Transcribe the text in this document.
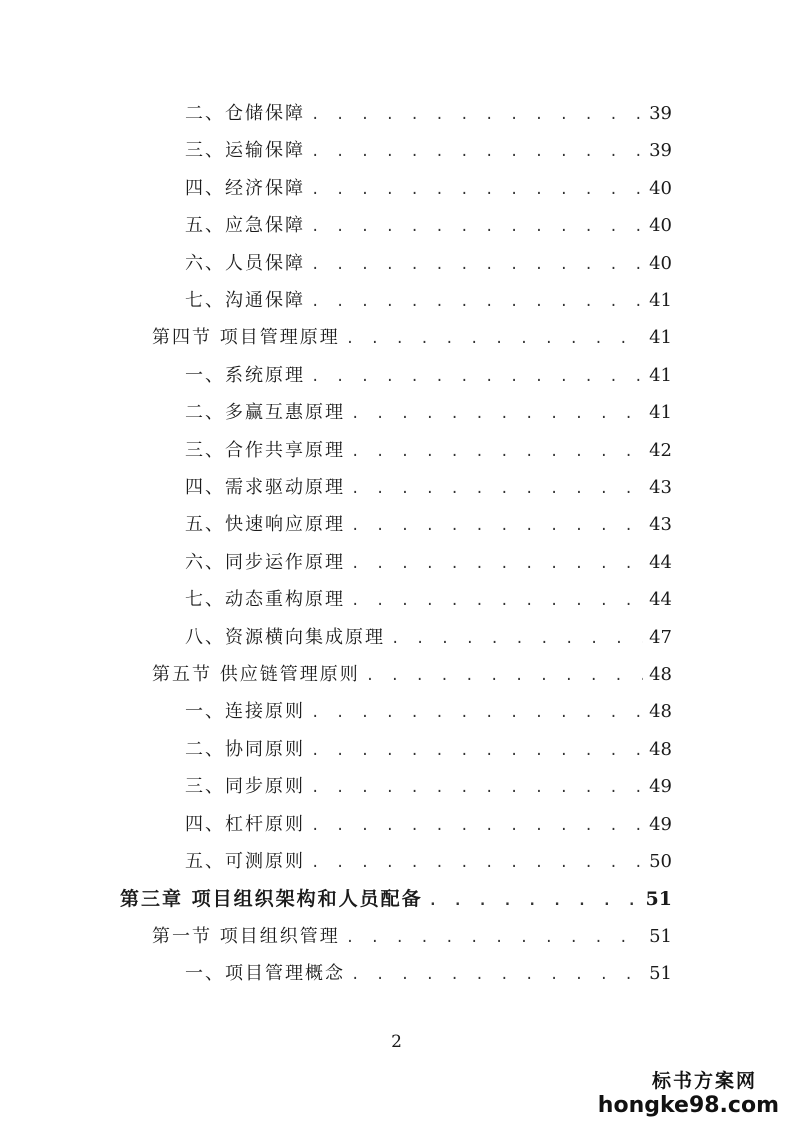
二、仓储保障 . . .	39
三、运输保障 . . .	39
四、经济保障 . . .	40
五、应急保障 . . .	40
六、人员保障 . . .	40
七、沟通保障 . . .	41
第四节 项目管理原理 . . .	41
一、系统原理 . . .	41
二、多赢互惠原理 . . .	41
三、合作共享原理 . . .	42
四、需求驱动原理 . . .	43
五、快速响应原理 . . .	43
六、同步运作原理 . . .	44
七、动态重构原理 . . .	44
八、资源横向集成原理 . . .	47
第五节 供应链管理原则 . . .	48
一、连接原则 . . .	48
二、协同原则 . . .	48
三、同步原则 . . .	49
四、杠杆原则 . . .	49
五、可测原则 . . .	50
第三章 项目组织架构和人员配备 . . .	51
第一节 项目组织管理 . . .	51
一、项目管理概念 . . .	51
2
标书方案网
hongke98.com
